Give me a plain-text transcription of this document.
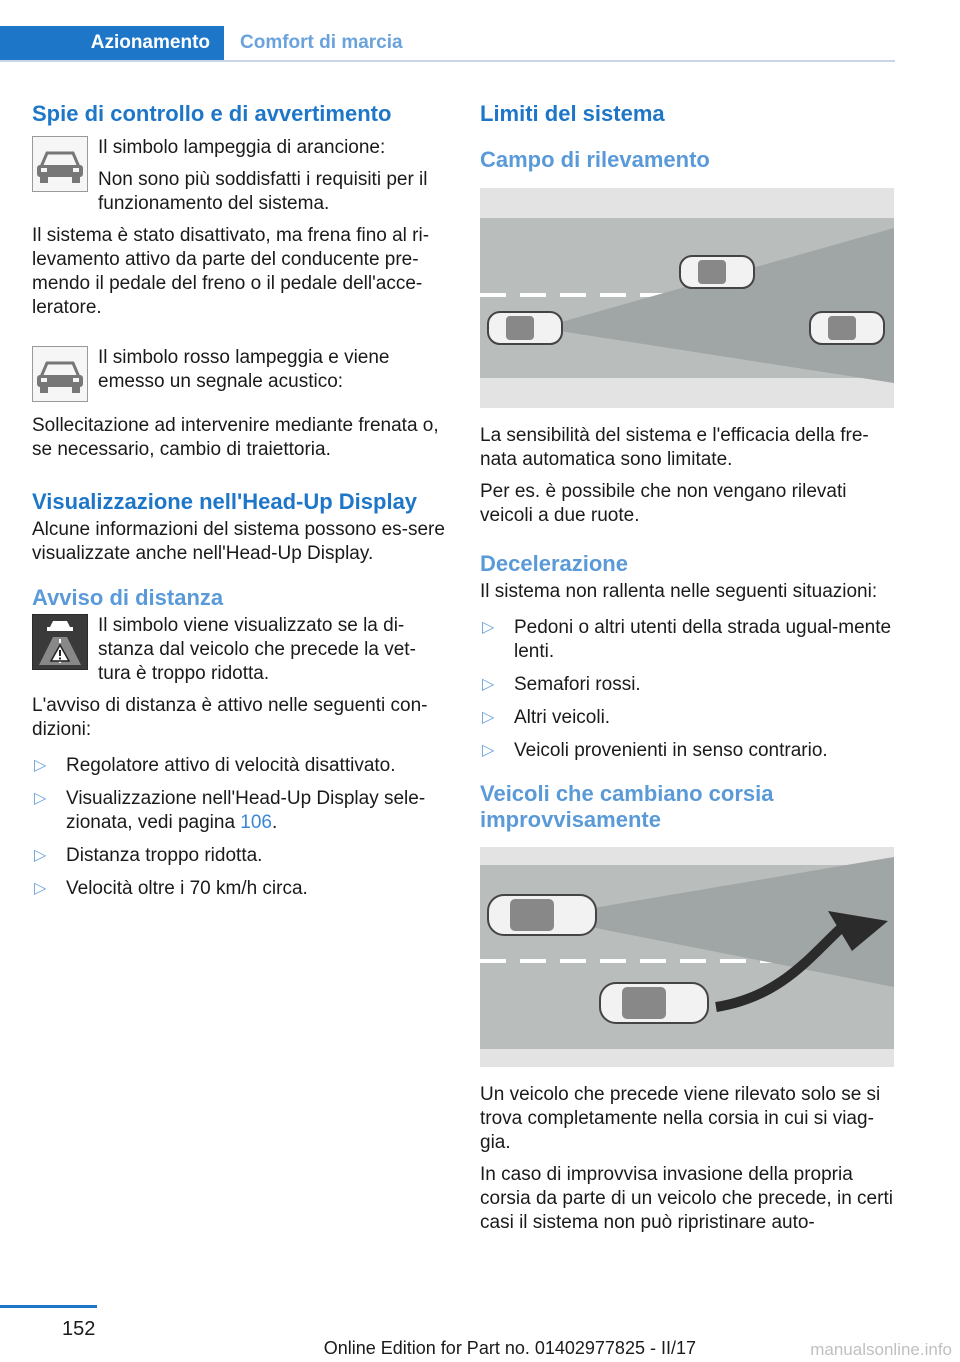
Azionamento	Comfort di marcia
Spie di controllo e di avvertimento

Il simbolo lampeggia di arancione:

Non sono più soddisfatti i requisiti per il funzionamento del sistema.

Il sistema è stato disattivato, ma frena fino al ri-levamento attivo da parte del conducente pre-mendo il pedale del freno o il pedale dell'acce-leratore.

Il simbolo rosso lampeggia e viene emesso un segnale acustico:

Sollecitazione ad intervenire mediante frenata o, se necessario, cambio di traiettoria.

Visualizzazione nell'Head-Up Display

Alcune informazioni del sistema possono es-sere visualizzate anche nell'Head-Up Display.

Avviso di distanza

Il simbolo viene visualizzato se la di-stanza dal veicolo che precede la vet-tura è troppo ridotta.

L'avviso di distanza è attivo nelle seguenti con-dizioni:

▷ Regolatore attivo di velocità disattivato.
▷ Visualizzazione nell'Head-Up Display sele-zionata, vedi pagina 106.
▷ Distanza troppo ridotta.
▷ Velocità oltre i 70 km/h circa.
Limiti del sistema
Campo di rilevamento

La sensibilità del sistema e l'efficacia della fre-nata automatica sono limitate.

Per es. è possibile che non vengano rilevati veicoli a due ruote.

Decelerazione

Il sistema non rallenta nelle seguenti situazioni:

▷ Pedoni o altri utenti della strada ugual-mente lenti.
▷ Semafori rossi.
▷ Altri veicoli.
▷ Veicoli provenienti in senso contrario.
Veicoli che cambiano corsia improvvisamente

Un veicolo che precede viene rilevato solo se si trova completamente nella corsia in cui si viag-gia.

In caso di improvvisa invasione della propria corsia da parte di un veicolo che precede, in certi casi il sistema non può ripristinare auto-

152
Online Edition for Part no. 01402977825 - II/17	manualsonline.info
